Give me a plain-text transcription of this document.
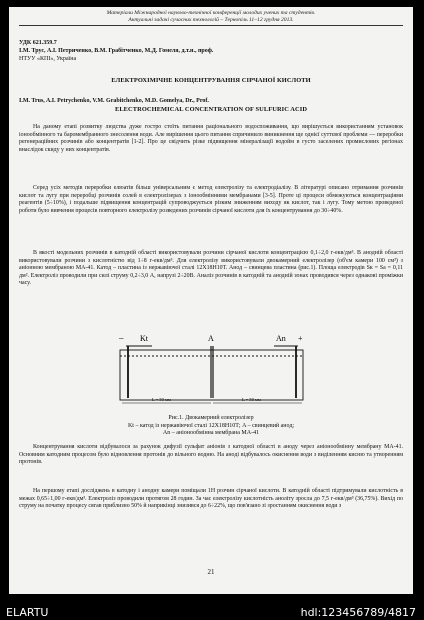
Матеріали Міжнародної науково-технічної конференції молодих учених та студентів.
Актуальні задачі сучасних технологій – Тернопіль 11–12 грудня 2013.
УДК 621.359.7
І.М. Трус, А.І. Петриченко, В.М. Грабітченко, М.Д. Гомеля, д.т.н., проф.
НТУУ «КПІ», Україна
ЕЛЕКТРОХІМІЧНЕ КОНЦЕНТРУВАННЯ СІРЧАНОЇ КИСЛОТИ
I.M. Trus, A.I. Petrychenko, V.M. Grabitchenko, M.D. Gomelya, Dr., Prof.
ELECTROCHEMICAL CONCENTRATION OF SULFURIC ACID
На даному етапі розвитку людства дуже гостро стоїть питання раціонального водоспоживання, що вирішується використанням установок іонообмінного та баромембранного знесолення води. Але вирішення цього питання спричинило виникнення ще однієї суттєвої проблеми — переробки регенераційних розчинів або концентратів [1-2]. Про це свідчить різке підвищення мінералізації водойм в густо заселених промислових регіонах внаслідок скиду у них концентратів.
Серед усіх методів переробки елюатів більш універсальним є метод електролізу та електродіалізу. В літературі описано отримання розчинів кислот та лугу при переробці розчинів солей в електролізерах з іонообмінними мембранами [3-5]. Проте ці процеси обмежуються концентраціями реагентів (5÷10%), і подальше підвищення концентрацій супроводжується різким зниженням виходу як кислот, так і лугу. Тому метою проведеної роботи було вивчення процесів повторного електролізу розведених розчинів сірчаної кислоти для їх концентрування до 30÷40%.
В якості модельних розчинів в катодній області використовували розчини сірчаної кислоти концентрацією 0,1÷2,0 г-екв/дм³. В анодній області використовували розчини з кислотністю від 1÷8 г-екв/дм³. Для електролізу використовували двокамерний електролізер (об'єм камери 100 см³) з аніонною мембраною МА-41. Катод – пластина із нержавіючої сталі 12Х18Н10Т. Анод – свинцева пластина (рис.1). Площа електродів Sк = Sа = 0,11 дм². Електроліз проводили при силі струму 0,2÷3,0 А, напрузі 2÷20В. Аналіз розчинів в катодній та анодній зонах проводився через однакові проміжки часу.
Kt
–	A	An +
L = 50 мм	L = 50 мм
Рис.1. Двокамерний електролізер
Kt – катод із нержавіючої сталі 12Х18Н10Т; A – свинцевий анод;
An – аніонообмінна мембрана МА-41
Концентрування кислоти відбувалося за рахунок дифузії сульфат аніонів з катодної області в аноду через аніонообмінну мембрану МА-41. Основним катодним процесом було відновлення протонів до вільного водню. На аноді відбувалось окиснення води з виділенням кисню та утворенням протонів.
На першому етапі досліджень в катодну і анодну камери поміщали 1Н розчин сірчаної кислоти. В катодній області підтримували кислотність в межах 0,65÷1,00 г-екв/дм³. Електроліз проводили протягом 28 годин. За час електролізу кислотність аноліту зросла до 7,5 г-екв/дм³ (36,75%). Вихід по струму на початку процесу сягав приблизно 50% й наприкінці знизився до 6÷22%, що пов'язано зі зростанням окиснення води з
21
ELARTU	hdl:123456789/4817
